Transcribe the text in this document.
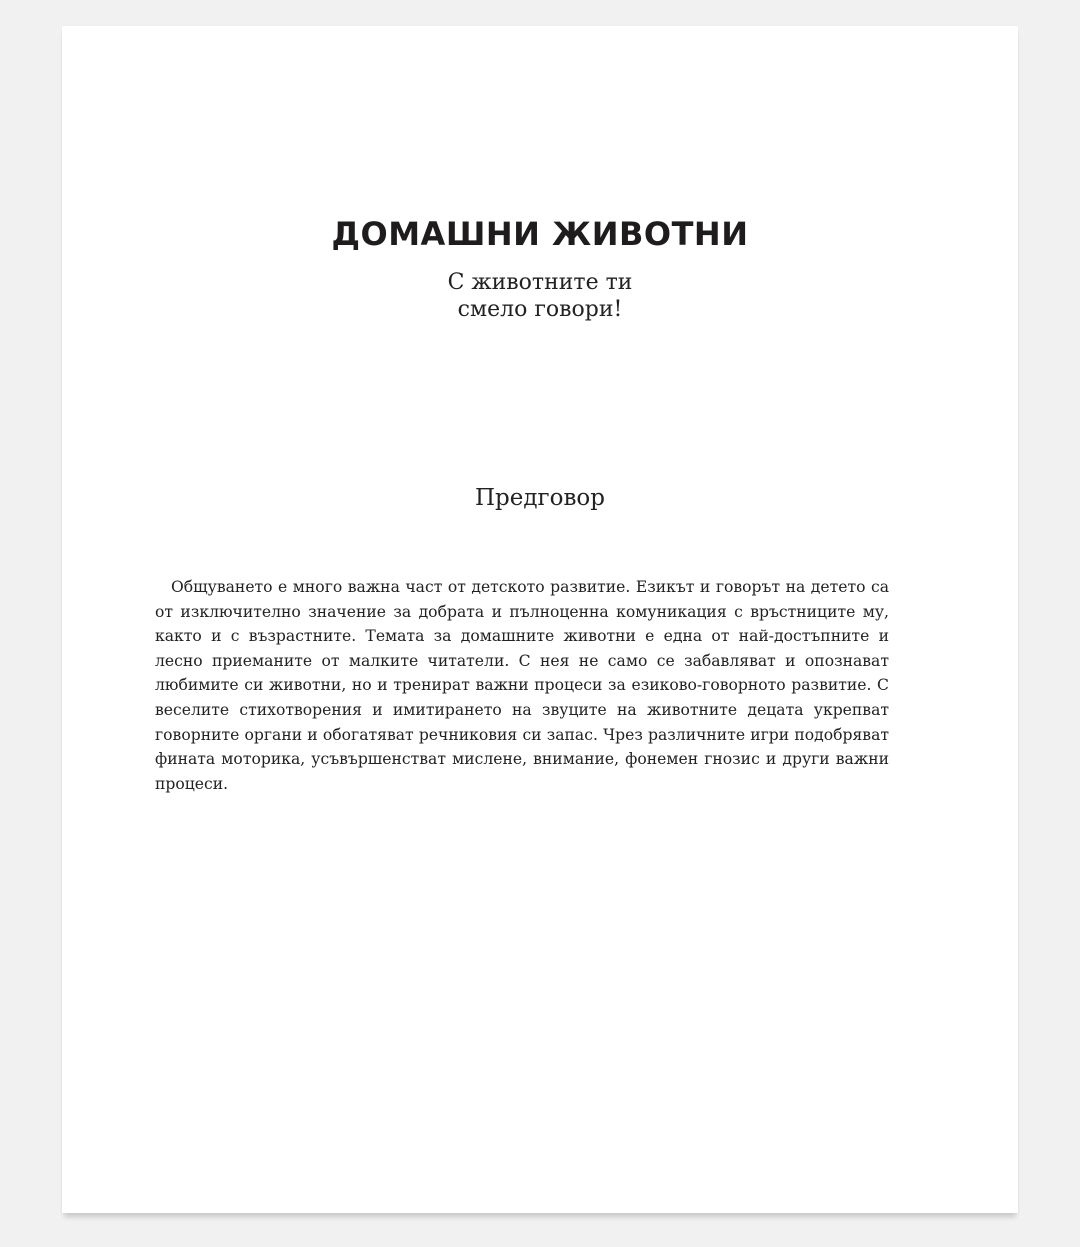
ДОМАШНИ ЖИВОТНИ
С животните ти
смело говори!
Предговор

Общуването е много важна част от детското развитие. Езикът и говорът на детето са от изключително значение за добрата и пълноценна комуникация с връстниците му, както и с възрастните. Темата за домашните животни е една от най-достъпните и лесно приеманите от малките читатели. С нея не само се забавляват и опознават любимите си животни, но и тренират важни процеси за езиково-говорното развитие. С веселите стихотворения и имитирането на звуците на животните децата укрепват говорните органи и обогатяват речниковия си запас. Чрез различните игри подобряват фината моторика, усъвършенстват мислене, внимание, фонемен гнозис и други важни процеси.
